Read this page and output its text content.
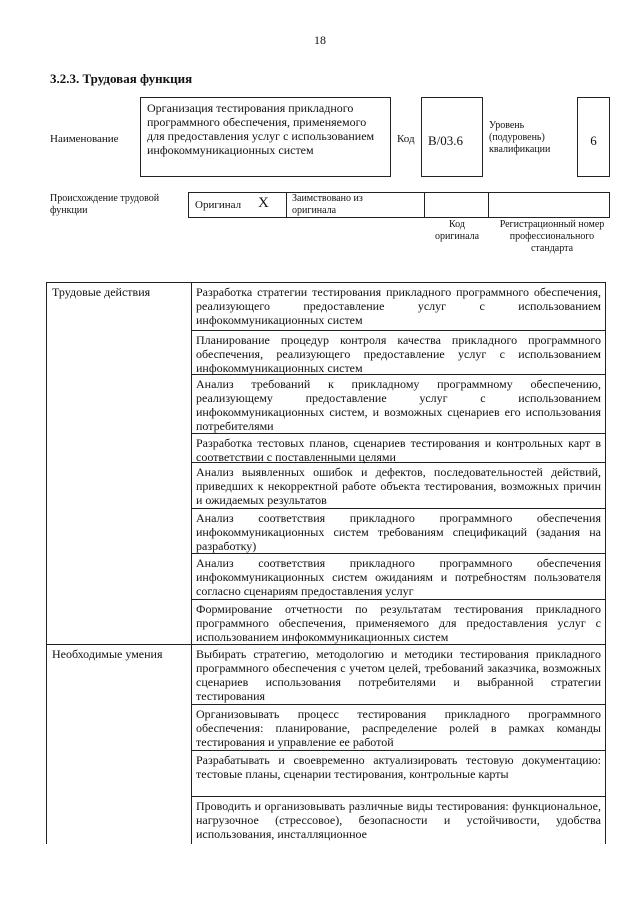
18
3.2.3. Трудовая функция
Наименование
Организация тестирования прикладного программного обеспечения, применяемого для предоставления услуг с использованием инфокоммуникационных систем
Код B/03.6
Уровень (подуровень) квалификации
6
Происхождение трудовой функции	Оригинал X Заимствовано из оригинала
Код оригинала
Регистрационный номер профессионального стандарта
Трудовые действия
Необходимые умения
Разработка стратегии тестирования прикладного программного обеспечения, реализующего предоставление услуг с использованием инфокоммуникационных систем
Планирование процедур контроля качества прикладного программного обеспечения, реализующего предоставление услуг с использованием инфокоммуникационных систем
Анализ требований к прикладному программному обеспечению, реализующему предоставление услуг с использованием инфокоммуникационных систем, и возможных сценариев его использования потребителями
Разработка тестовых планов, сценариев тестирования и контрольных карт в соответствии с поставленными целями
Анализ выявленных ошибок и дефектов, последовательностей действий, приведших к некорректной работе объекта тестирования, возможных причин и ожидаемых результатов
Анализ соответствия прикладного программного обеспечения инфокоммуникационных систем требованиям спецификаций (задания на разработку)
Анализ соответствия прикладного программного обеспечения инфокоммуникационных систем ожиданиям и потребностям пользователя согласно сценариям предоставления услуг
Формирование отчетности по результатам тестирования прикладного программного обеспечения, применяемого для предоставления услуг с использованием инфокоммуникационных систем
Выбирать стратегию, методологию и методики тестирования прикладного программного обеспечения с учетом целей, требований заказчика, возможных сценариев использования потребителями и выбранной стратегии тестирования
Организовывать процесс тестирования прикладного программного обеспечения: планирование, распределение ролей в рамках команды тестирования и управление ее работой
Разрабатывать и своевременно актуализировать тестовую документацию: тестовые планы, сценарии тестирования, контрольные карты
Проводить и организовывать различные виды тестирования: функциональное, нагрузочное (стрессовое), безопасности и устойчивости, удобства использования, инсталляционное
